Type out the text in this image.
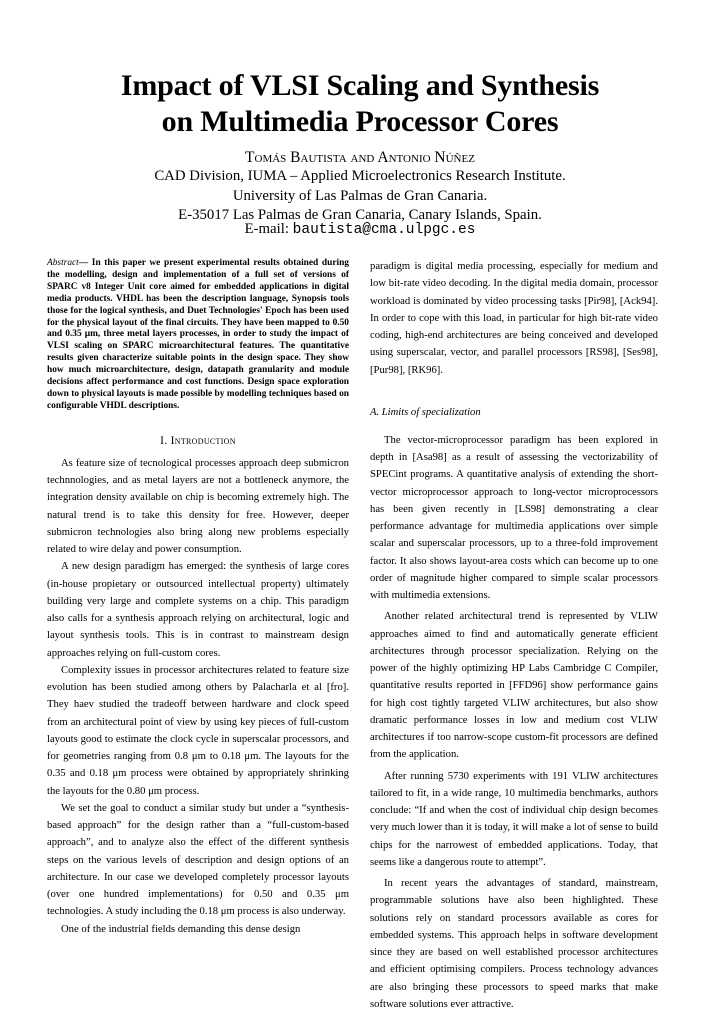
Impact of VLSI Scaling and Synthesis
on Multimedia Processor Cores
Tomás Bautista and Antonio Núñez
CAD Division, IUMA – Applied Microelectronics Research Institute.
University of Las Palmas de Gran Canaria.
E-35017 Las Palmas de Gran Canaria, Canary Islands, Spain.
E-mail: bautista@cma.ulpgc.es

Abstract— In this paper we present experimental results obtained during the modelling, design and implementation of a full set of versions of SPARC v8 Integer Unit core aimed for embedded applications in digital media products. VHDL has been the description language, Synopsis tools those for the logical synthesis, and Duet Technologies' Epoch has been used for the physical layout of the final circuits. They have been mapped to 0.50 and 0.35 μm, three metal layers processes, in order to study the impact of VLSI scaling on SPARC microarchitectural features. The quantitative results given characterize suitable points in the design space. They show how much microarchitecture, design, datapath granularity and module decisions affect performance and cost functions. Design space exploration down to physical layouts is made possible by modelling techniques based on configurable VHDL descriptions.

I. Introduction

As feature size of tecnological processes approach deep submicron technnologies, and as metal layers are not a bottleneck anymore, the integration density available on chip is becoming extremely high. The natural trend is to take this density for free. However, deeper submicron technologies also bring along new problems especially related to wire delay and power consumption.

A new design paradigm has emerged: the synthesis of large cores (in-house propietary or outsourced intellectual property) ultimately building very large and complete systems on a chip. This paradigm also calls for a synthesis approach relying on architectural, logic and layout synthesis tools. This is in contrast to mainstream design approaches relying on full-custom cores.

Complexity issues in processor architectures related to feature size evolution has been studied among others by Palacharla et al [fro]. They haev studied the tradeoff between hardware and clock speed from an architectural point of view by using key pieces of full-custom layouts good to estimate the clock cycle in superscalar processors, and for geometries ranging from 0.8 μm to 0.18 μm. The layouts for the 0.35 and 0.18 μm process were obtained by appropriately shrinking the layouts for the 0.80 μm process.

We set the goal to conduct a similar study but under a “synthesis-based approach” for the design rather than a “full-custom-based approach”, and to analyze also the effect of the different synthesis steps on the various levels of description and design options of an architecture. In our case we developed completely processor layouts (over one hundred implementations) for 0.50 and 0.35 μm technologies. A study including the 0.18 μm process is also underway.

One of the industrial fields demanding this dense design

paradigm is digital media processing, especially for medium and low bit-rate video decoding. In the digital media domain, processor workload is dominated by video processing tasks [Pir98], [Ack94]. In order to cope with this load, in particular for high bit-rate video coding, high-end architectures are being conceived and developed using superscalar, vector, and parallel processors [RS98], [Ses98], [Pur98], [RK96].

A. Limits of specialization

The vector-microprocessor paradigm has been explored in depth in [Asa98] as a result of assessing the vectorizability of SPECint programs. A quantitative analysis of extending the short-vector microprocessor approach to long-vector microprocessors has been given recently in [LS98] demonstrating a clear performance advantage for multimedia applications over simple scalar and superscalar processors, up to a three-fold improvement factor. It also shows layout-area costs which can become up to one order of magnitude higher compared to simple scalar processors with multimedia extensions.

Another related architectural trend is represented by VLIW approaches aimed to find and automatically generate efficient architectures through processor specialization. Relying on the power of the highly optimizing HP Labs Cambridge C Compiler, quantitative results reported in [FFD96] show performance gains for high cost tightly targeted VLIW architectures, but also show dramatic performance losses in low and medium cost VLIW architectures if too narrow-scope custom-fit processors are defined from the application.

After running 5730 experiments with 191 VLIW architectures tailored to fit, in a wide range, 10 multimedia benchmarks, authors conclude: “If and when the cost of individual chip design becomes very much lower than it is today, it will make a lot of sense to build chips for the narrowest of embedded applications. Today, that seems like a dangerous route to attempt”.

In recent years the advantages of standard, mainstream, programmable solutions have also been highlighted. These solutions rely on standard processors available as cores for embedded systems. This approach helps in software development since they are based on well established processor architectures and efficient optimising compilers. Process technology advances are also bringing these processors to speed marks that make software solutions ever attractive.
